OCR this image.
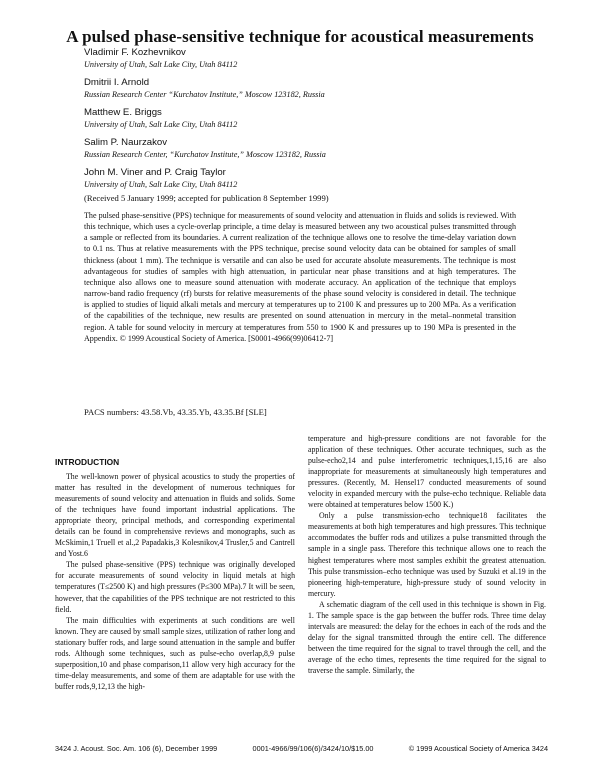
A pulsed phase-sensitive technique for acoustical measurements
Vladimir F. Kozhevnikov
University of Utah, Salt Lake City, Utah 84112
Dmitrii I. Arnold
Russian Research Center “Kurchatov Institute,” Moscow 123182, Russia
Matthew E. Briggs
University of Utah, Salt Lake City, Utah 84112
Salim P. Naurzakov
Russian Research Center, “Kurchatov Institute,” Moscow 123182, Russia
John M. Viner and P. Craig Taylor
University of Utah, Salt Lake City, Utah 84112
(Received 5 January 1999; accepted for publication 8 September 1999)

The pulsed phase-sensitive (PPS) technique for measurements of sound velocity and attenuation in fluids and solids is reviewed. With this technique, which uses a cycle-overlap principle, a time delay is measured between any two acoustical pulses transmitted through a sample or reflected from its boundaries. A current realization of the technique allows one to resolve the time-delay variation down to 0.1 ns. Thus at relative measurements with the PPS technique, precise sound velocity data can be obtained for samples of small thickness (about 1 mm). The technique is versatile and can also be used for accurate absolute measurements. The technique is most advantageous for studies of samples with high attenuation, in particular near phase transitions and at high temperatures. The technique also allows one to measure sound attenuation with moderate accuracy. An application of the technique that employs narrow-band radio frequency (rf) bursts for relative measurements of the phase sound velocity is considered in detail. The technique is applied to studies of liquid alkali metals and mercury at temperatures up to 2100 K and pressures up to 200 MPa. As a verification of the capabilities of the technique, new results are presented on sound attenuation in mercury in the metal–nonmetal transition region. A table for sound velocity in mercury at temperatures from 550 to 1900 K and pressures up to 190 MPa is presented in the Appendix. © 1999 Acoustical Society of America. [S0001-4966(99)06412-7]

PACS numbers: 43.58.Vb, 43.35.Yb, 43.35.Bf [SLE]
INTRODUCTION

The well-known power of physical acoustics to study the properties of matter has resulted in the development of numerous techniques for measurements of sound velocity and attenuation in fluids and solids. Some of the techniques have found important industrial applications. The appropriate theory, principal methods, and corresponding experimental details can be found in comprehensive reviews and monographs, such as McSkimin,1 Truell et al.,2 Papadakis,3 Kolesnikov,4 Trusler,5 and Cantrell and Yost.6

The pulsed phase-sensitive (PPS) technique was originally developed for accurate measurements of sound velocity in liquid metals at high temperatures (T≤2500 K) and high pressures (P≤300 MPa).7 It will be seen, however, that the capabilities of the PPS technique are not restricted to this field.

The main difficulties with experiments at such conditions are well known. They are caused by small sample sizes, utilization of rather long and stationary buffer rods, and large sound attenuation in the sample and buffer rods. Although some techniques, such as pulse-echo overlap,8,9 pulse superposition,10 and phase comparison,11 allow very high accuracy for the time-delay measurements, and some of them are adaptable for use with the buffer rods,9,12,13 the high-

temperature and high-pressure conditions are not favorable for the application of these techniques. Other accurate techniques, such as the pulse-echo2,14 and pulse interferometric techniques,1,15,16 are also inappropriate for measurements at simultaneously high temperatures and pressures. (Recently, M. Hensel17 conducted measurements of sound velocity in expanded mercury with the pulse-echo technique. Reliable data were obtained at temperatures below 1500 K.)

Only a pulse transmission-echo technique18 facilitates the measurements at both high temperatures and high pressures. This technique accommodates the buffer rods and utilizes a pulse transmitted through the sample in a single pass. Therefore this technique allows one to reach the highest temperatures where most samples exhibit the greatest attenuation. This pulse transmission–echo technique was used by Suzuki et al.19 in the pioneering high-temperature, high-pressure study of sound velocity in mercury.

A schematic diagram of the cell used in this technique is shown in Fig. 1. The sample space is the gap between the buffer rods. Three time delay intervals are measured: the delay for the echoes in each of the rods and the delay for the signal transmitted through the entire cell. The difference between the time required for the signal to travel through the cell, and the average of the echo times, represents the time required for the signal to traverse the sample. Similarly, the

3424 J. Acoust. Soc. Am. 106 (6), December 1999	0001-4966/99/106(6)/3424/10/$15.00	© 1999 Acoustical Society of America 3424
